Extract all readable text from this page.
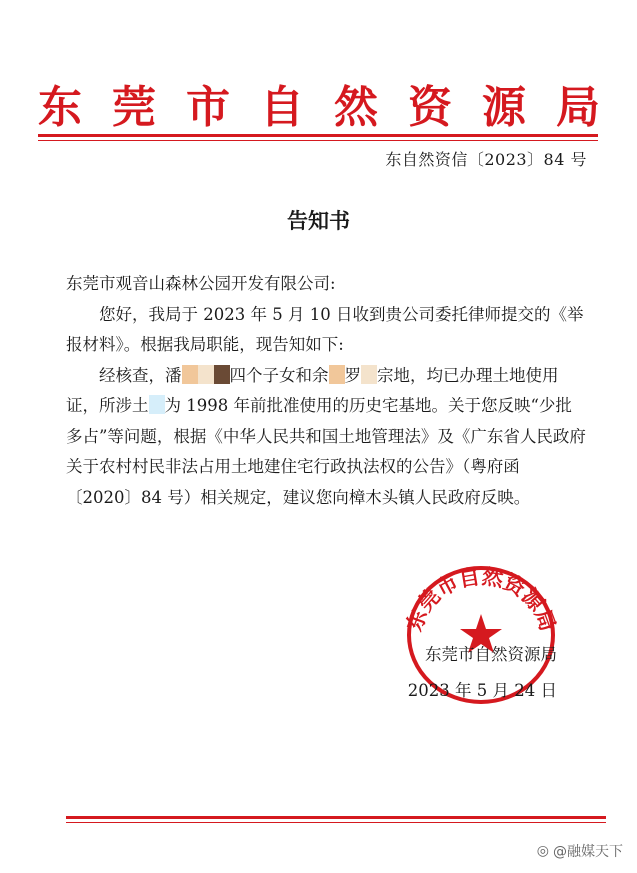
东 莞 市 自 然 资 源 局
东自然资信〔2023〕84 号
告知书

东莞市观音山森林公园开发有限公司:

您好，我局于 2023 年 5 月 10 日收到贵公司委托律师提交的《举报材料》。根据我局职能，现告知如下:

经核查，潘	四个子女和余 罗 宗地，均已办理土地使用证，所涉土 为 1998 年前批准使用的历史宅基地。关于您反映“少批多占”等问题，根据《中华人民共和国土地管理法》及《广东省人民政府关于农村村民非法占用土地建住宅行政执法权的公告》（粤府函〔2020〕84 号）相关规定，建议您向樟木头镇人民政府反映。

东莞市自然资源局
东莞市自然资源局
2023 年 5 月 24 日
◎ @融媒天下
